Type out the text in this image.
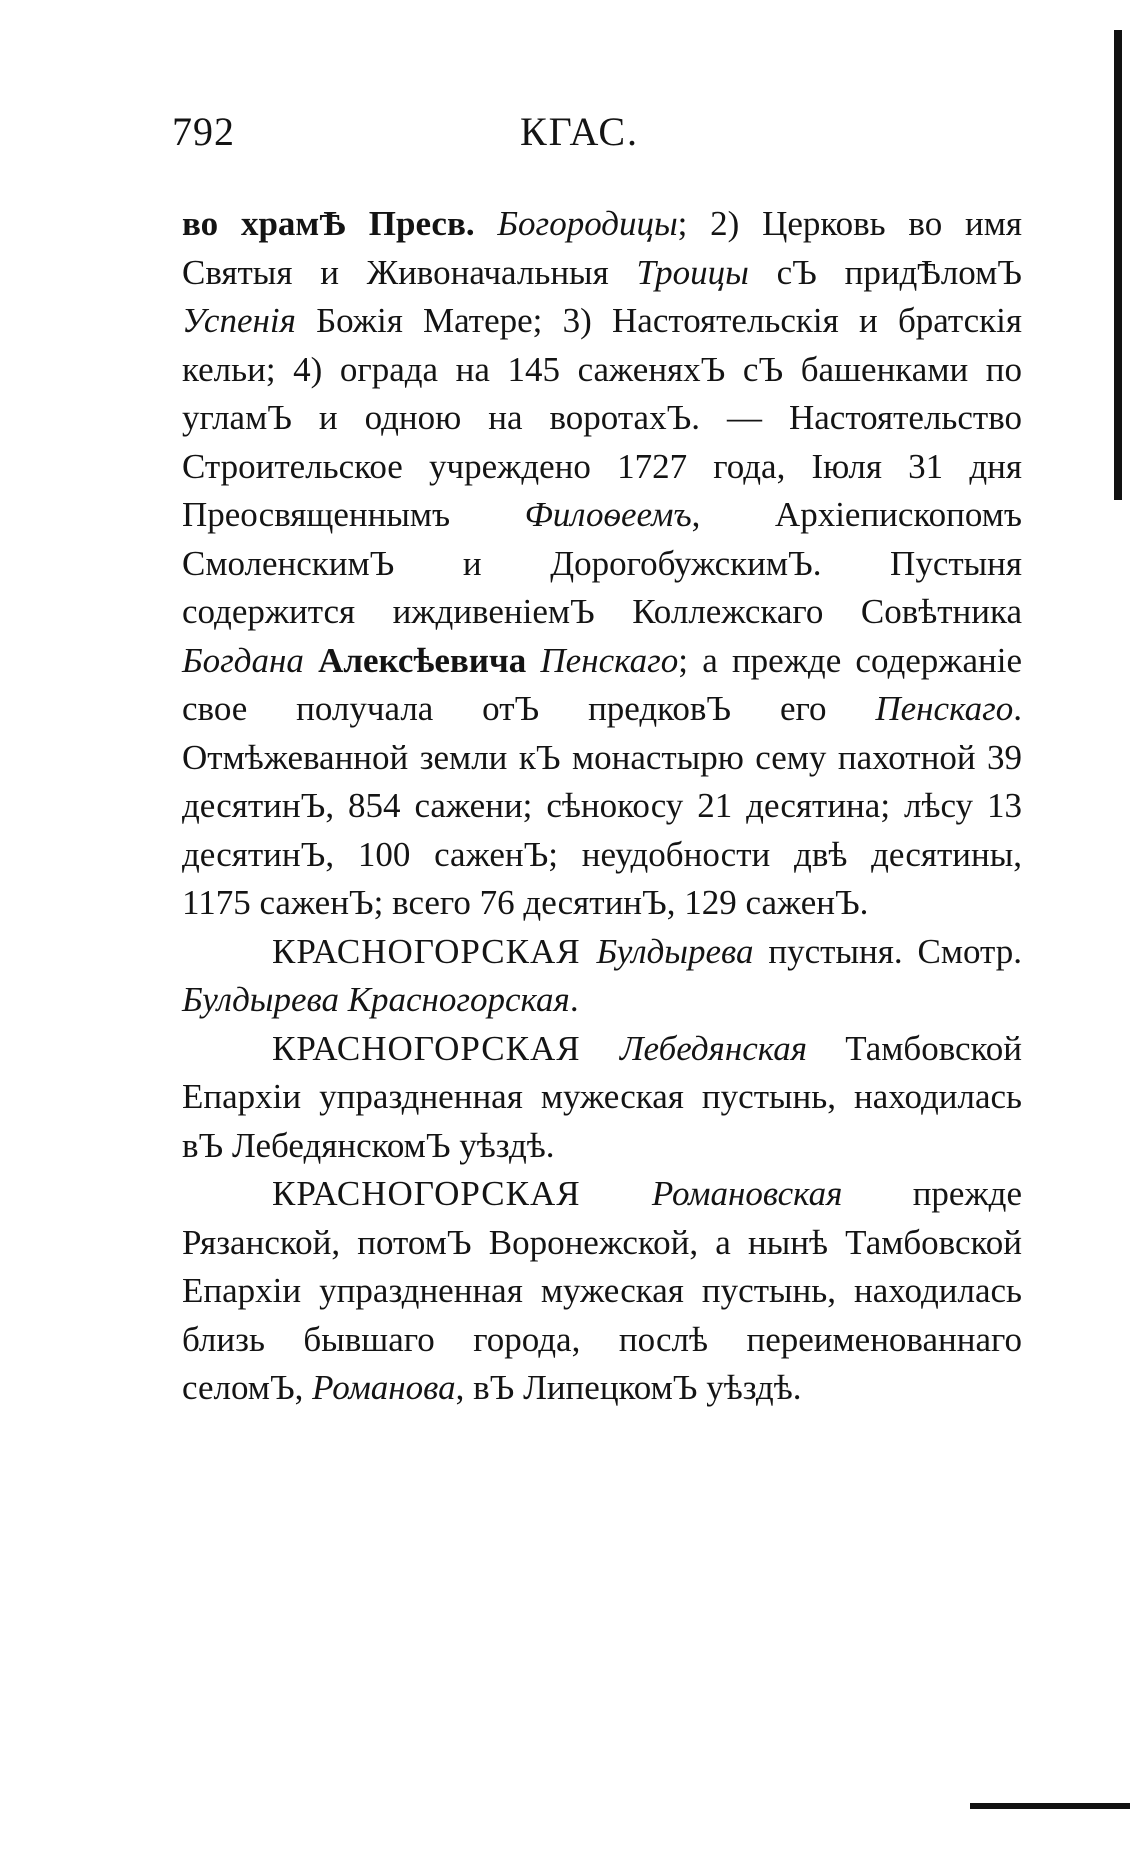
792	КГАС.

во храмѢ Пресв. Богородицы; 2) Церковь во имя Святыя и Живоначальныя Троицы сЪ придѢломЪ Успенія Божія Матере; 3) Настоятельскія и братскія кельи; 4) ограда на 145 саженяхЪ сЪ башенками по угламЪ и одною на воротахЪ. — Настоятельство Строительское учреждено 1727 года, Іюля 31 дня Преосвященнымъ Филоѳеемъ, Архіепископомъ СмоленскимЪ и ДорогобужскимЪ. Пустыня содержится иждивеніемЪ Коллежскаго Совѣтника Богдана Алексѣевича Пенскаго; а прежде содержаніе свое получала отЪ предковЪ его Пенскаго. Отмѣжеванной земли кЪ монастырю сему пахотной 39 десятинЪ, 854 сажени; сѣнокосу 21 десятина; лѣсу 13 десятинЪ, 100 саженЪ; неудобности двѣ десятины, 1175 саженЪ; всего 76 десятинЪ, 129 саженЪ.

КРАСНОГОРСКАЯ Булдырева пустыня. Смотр. Булдырева Красногорская.

КРАСНОГОРСКАЯ Лебедянская Тамбовской Епархіи упраздненная мужеская пустынь, находилась вЪ ЛебедянскомЪ уѣздѣ.

КРАСНОГОРСКАЯ Романовская прежде Рязанской, потомЪ Воронежской, а нынѣ Тамбовской Епархіи упраздненная мужеская пустынь, находилась близь бывшаго города, послѣ переименованнаго селомЪ, Романова, вЪ ЛипецкомЪ уѣздѣ.
